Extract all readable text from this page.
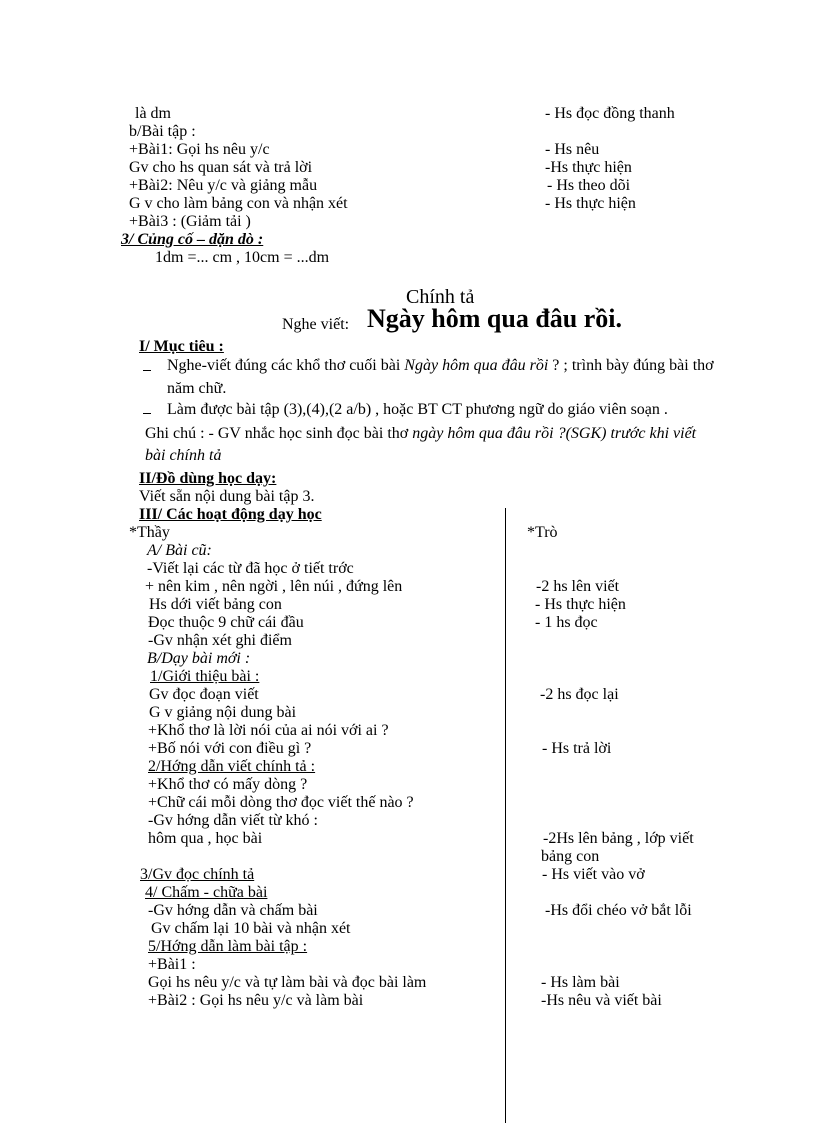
là dm	- Hs đọc đồng thanh
b/Bài tập :
+Bài1: Gọi hs nêu y/c	- Hs nêu
Gv cho hs quan sát và trả lời	-Hs thực hiện
+Bài2: Nêu y/c và giảng mẫu	- Hs theo dõi
G v cho làm bảng con và nhận xét	- Hs thực hiện
+Bài3 : (Giảm tải )
3/ Củng cố – dặn dò :
1dm =... cm , 10cm = ...dm
Chính tả
Nghe viết: Ngày hôm qua đâu rồi.
I/ Mục tiêu :
Nghe-viết đúng các khổ thơ cuối bài Ngày hôm qua đâu rồi ? ; trình bày đúng bài thơ
năm chữ.
Làm được bài tập (3),(4),(2 a/b) , hoặc BT CT phương ngữ do giáo viên soạn .
Ghi chú : - GV nhắc học sinh đọc bài thơ ngày hôm qua đâu rồi ?(SGK) trước khi viết
bài chính tả
II/Đồ dùng học dạy:
Viết sẵn nội dung bài tập 3.
III/ Các hoạt động dạy học
*Thầy	*Trò
A/ Bài cũ:
-Viết lại các từ đã học ở tiết trớc
+ nên kim , nên ngời , lên núi , đứng lên	-2 hs lên viết
Hs dới viết bảng con	- Hs thực hiện
Đọc thuộc 9 chữ cái đầu	- 1 hs đọc
-Gv nhận xét ghi điểm
B/Dạy bài mới :
1/Giới thiệu bài :
Gv đọc đoạn viết	-2 hs đọc lại
G v giảng nội dung bài
+Khổ thơ là lời nói của ai nói với ai ?
+Bố nói với con điều gì ?	- Hs trả lời
2/Hớng dẫn viết chính tả :
+Khổ thơ có mấy dòng ?
+Chữ cái mỗi dòng thơ đọc viết thế nào ?
-Gv hớng dẫn viết từ khó :
hôm qua , học bài	-2Hs lên bảng , lớp viết
bảng con
3/Gv đọc chính tả	- Hs viết vào vở
4/ Chấm - chữa bài
-Gv hớng dẫn và chấm bài	-Hs đổi chéo vở bắt lỗi
Gv chấm lại 10 bài và nhận xét
5/Hớng dẫn làm bài tập :
+Bài1 :
Gọi hs nêu y/c và tự làm bài và đọc bài làm	- Hs làm bài
+Bài2 : Gọi hs nêu y/c và làm bài	-Hs nêu và viết bài
